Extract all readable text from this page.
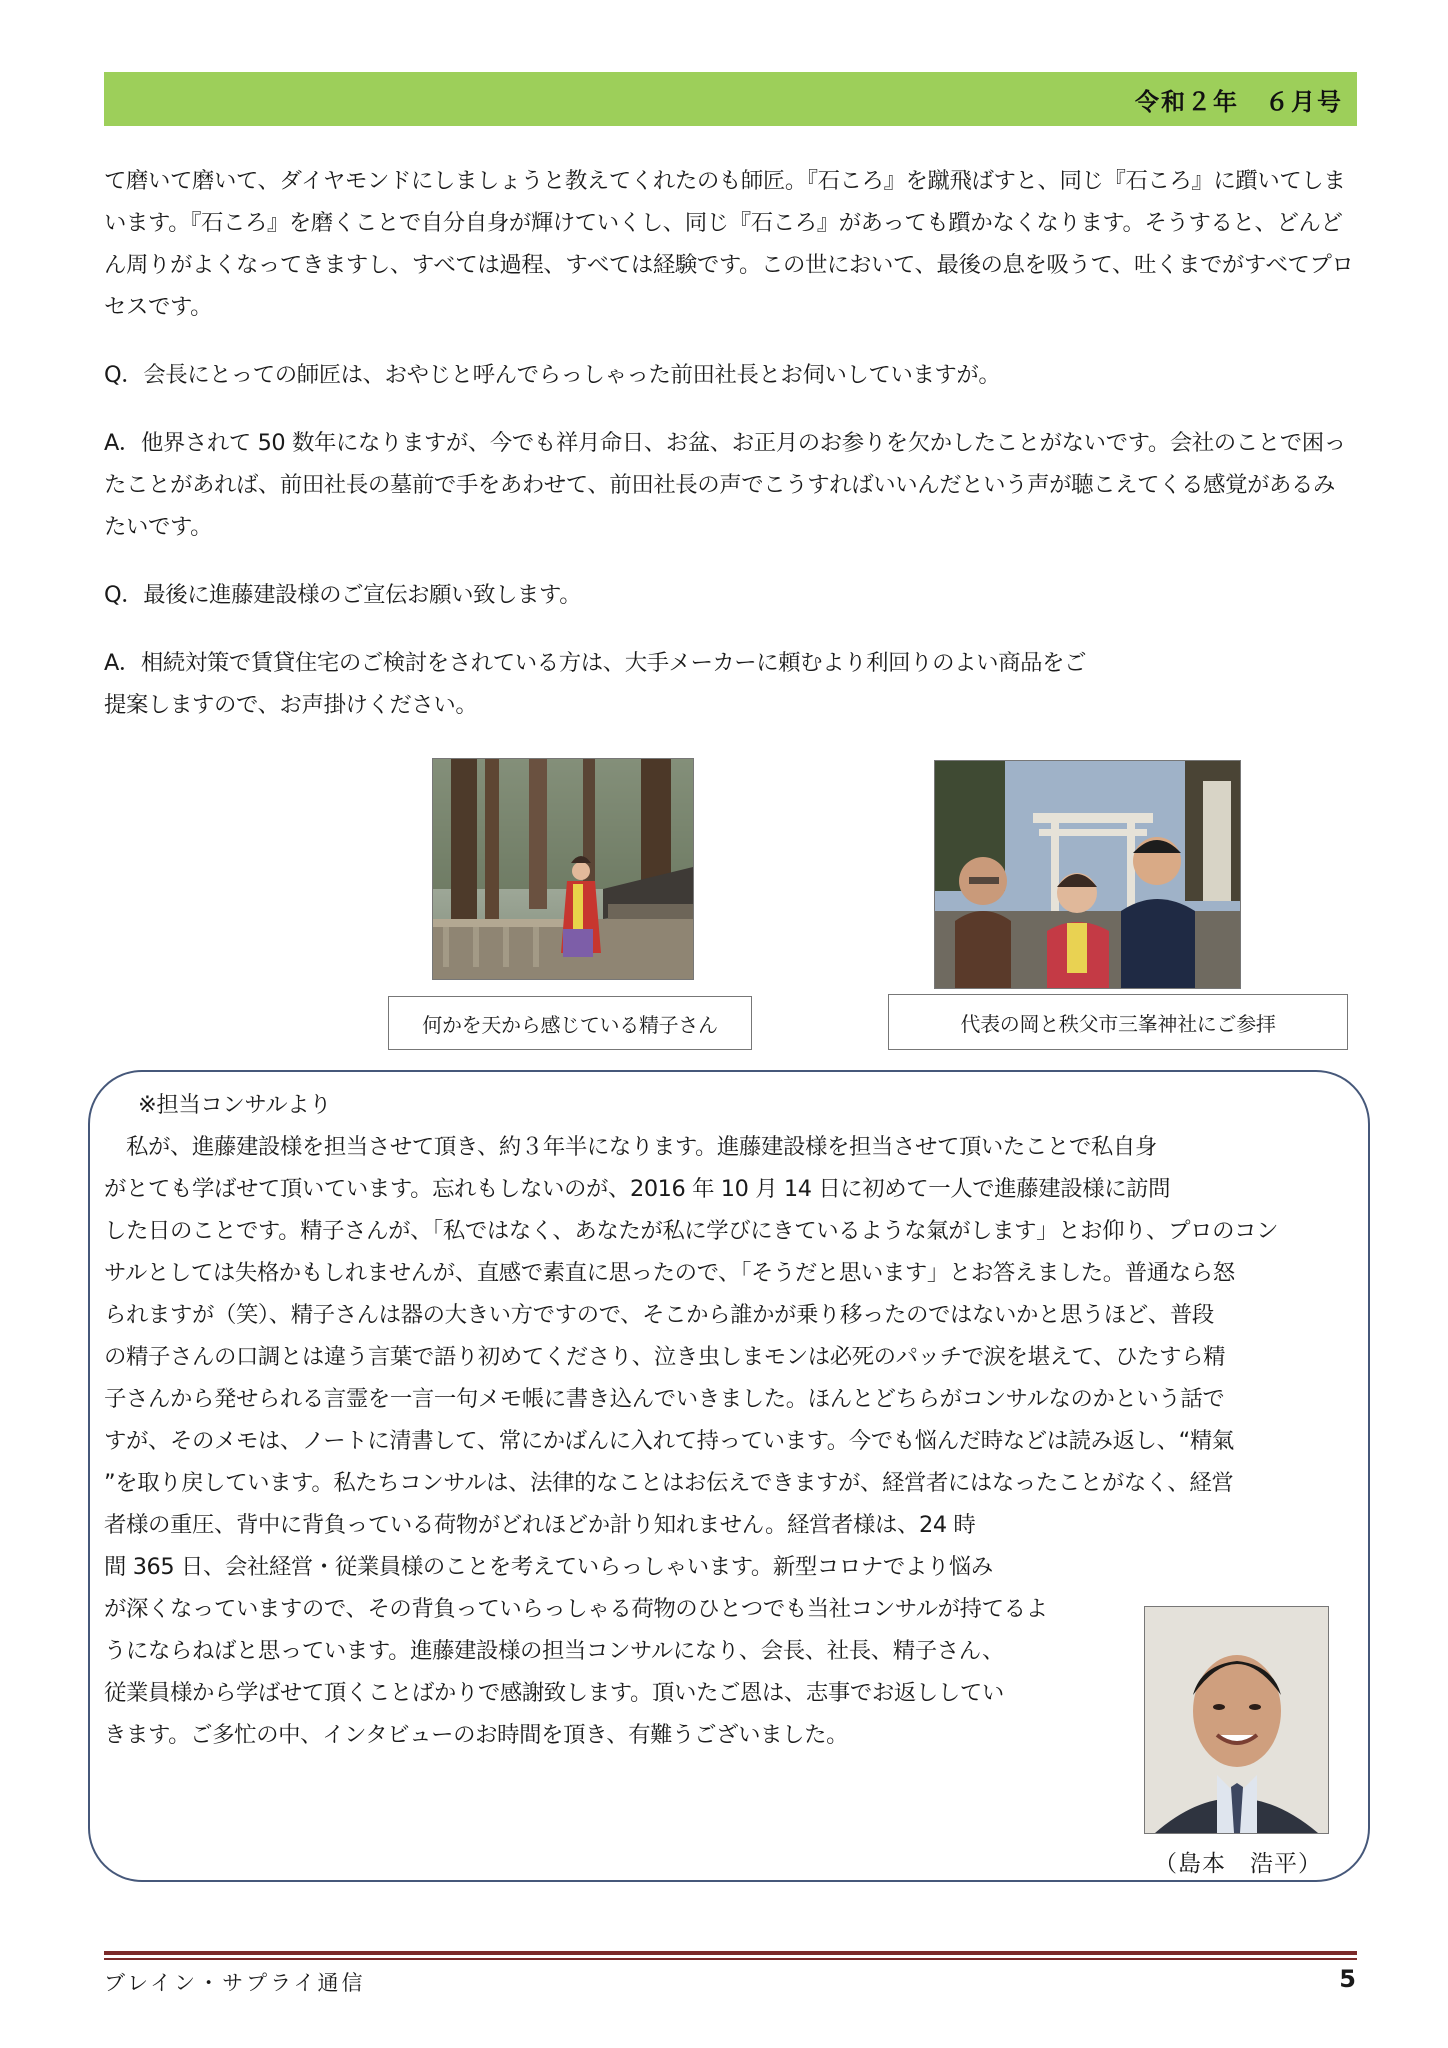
令和２年　６月号

て磨いて磨いて、ダイヤモンドにしましょうと教えてくれたのも師匠。『石ころ』を蹴飛ばすと、同じ『石ころ』に躓いてしまいます。『石ころ』を磨くことで自分自身が輝けていくし、同じ『石ころ』があっても躓かなくなります。そうすると、どんどん周りがよくなってきますし、すべては過程、すべては経験です。この世において、最後の息を吸うて、吐くまでがすべてプロセスです。

Q．会長にとっての師匠は、おやじと呼んでらっしゃった前田社長とお伺いしていますが。

A．他界されて 50 数年になりますが、今でも祥月命日、お盆、お正月のお参りを欠かしたことがないです。会社のことで困ったことがあれば、前田社長の墓前で手をあわせて、前田社長の声でこうすればいいんだという声が聴こえてくる感覚があるみたいです。

Q．最後に進藤建設様のご宣伝お願い致します。

A．相続対策で賃貸住宅のご検討をされている方は、大手メーカーに頼むより利回りのよい商品をご提案しますので、お声掛けください。

何かを天から感じている精子さん	代表の岡と秩父市三峯神社にご参拝

※担当コンサルより

　私が、進藤建設様を担当させて頂き、約３年半になります。進藤建設様を担当させて頂いたことで私自身

がとても学ばせて頂いています。忘れもしないのが、2016 年 10 月 14 日に初めて一人で進藤建設様に訪問

した日のことです。精子さんが、「私ではなく、あなたが私に学びにきているような氣がします」とお仰り、プロのコン

サルとしては失格かもしれませんが、直感で素直に思ったので、「そうだと思います」とお答えました。普通なら怒

られますが（笑）、精子さんは器の大きい方ですので、そこから誰かが乗り移ったのではないかと思うほど、普段

の精子さんの口調とは違う言葉で語り初めてくださり、泣き虫しまモンは必死のパッチで涙を堪えて、ひたすら精

子さんから発せられる言霊を一言一句メモ帳に書き込んでいきました。ほんとどちらがコンサルなのかという話で

すが、そのメモは、ノートに清書して、常にかばんに入れて持っています。今でも悩んだ時などは読み返し、“精氣

”を取り戻しています。私たちコンサルは、法律的なことはお伝えできますが、経営者にはなったことがなく、経営

者様の重圧、背中に背負っている荷物がどれほどか計り知れません。経営者様は、24 時

間 365 日、会社経営・従業員様のことを考えていらっしゃいます。新型コロナでより悩み

が深くなっていますので、その背負っていらっしゃる荷物のひとつでも当社コンサルが持てるよ

うにならねばと思っています。進藤建設様の担当コンサルになり、会長、社長、精子さん、

従業員様から学ばせて頂くことばかりで感謝致します。頂いたご恩は、志事でお返ししてい

きます。ご多忙の中、インタビューのお時間を頂き、有難うございました。

（島本　浩平）
ブレイン・サプライ通信	5
